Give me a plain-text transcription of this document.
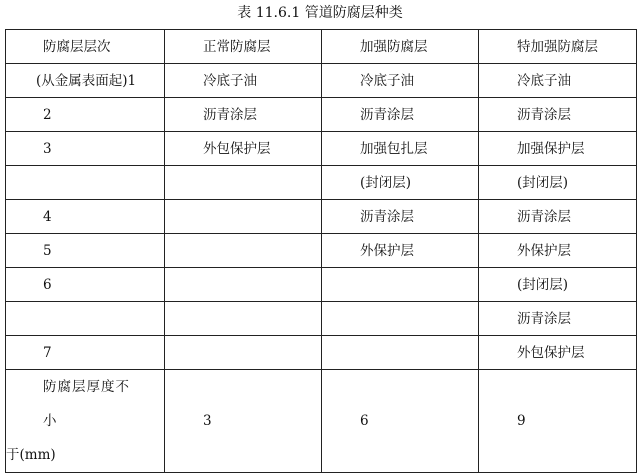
表 11.6.1 管道防腐层种类
防腐层层次	正常防腐层	加强防腐层	特加强防腐层
(从金属表面起)1	冷底子油	冷底子油	冷底子油
2	沥青涂层	沥青涂层	沥青涂层
3	外包保护层	加强包扎层	加强保护层
		(封闭层)	(封闭层)
4		沥青涂层	沥青涂层
5		外保护层	外保护层
6			(封闭层)
			沥青涂层
7			外包保护层

防腐层厚度不小
于(mm)	3	6	9
